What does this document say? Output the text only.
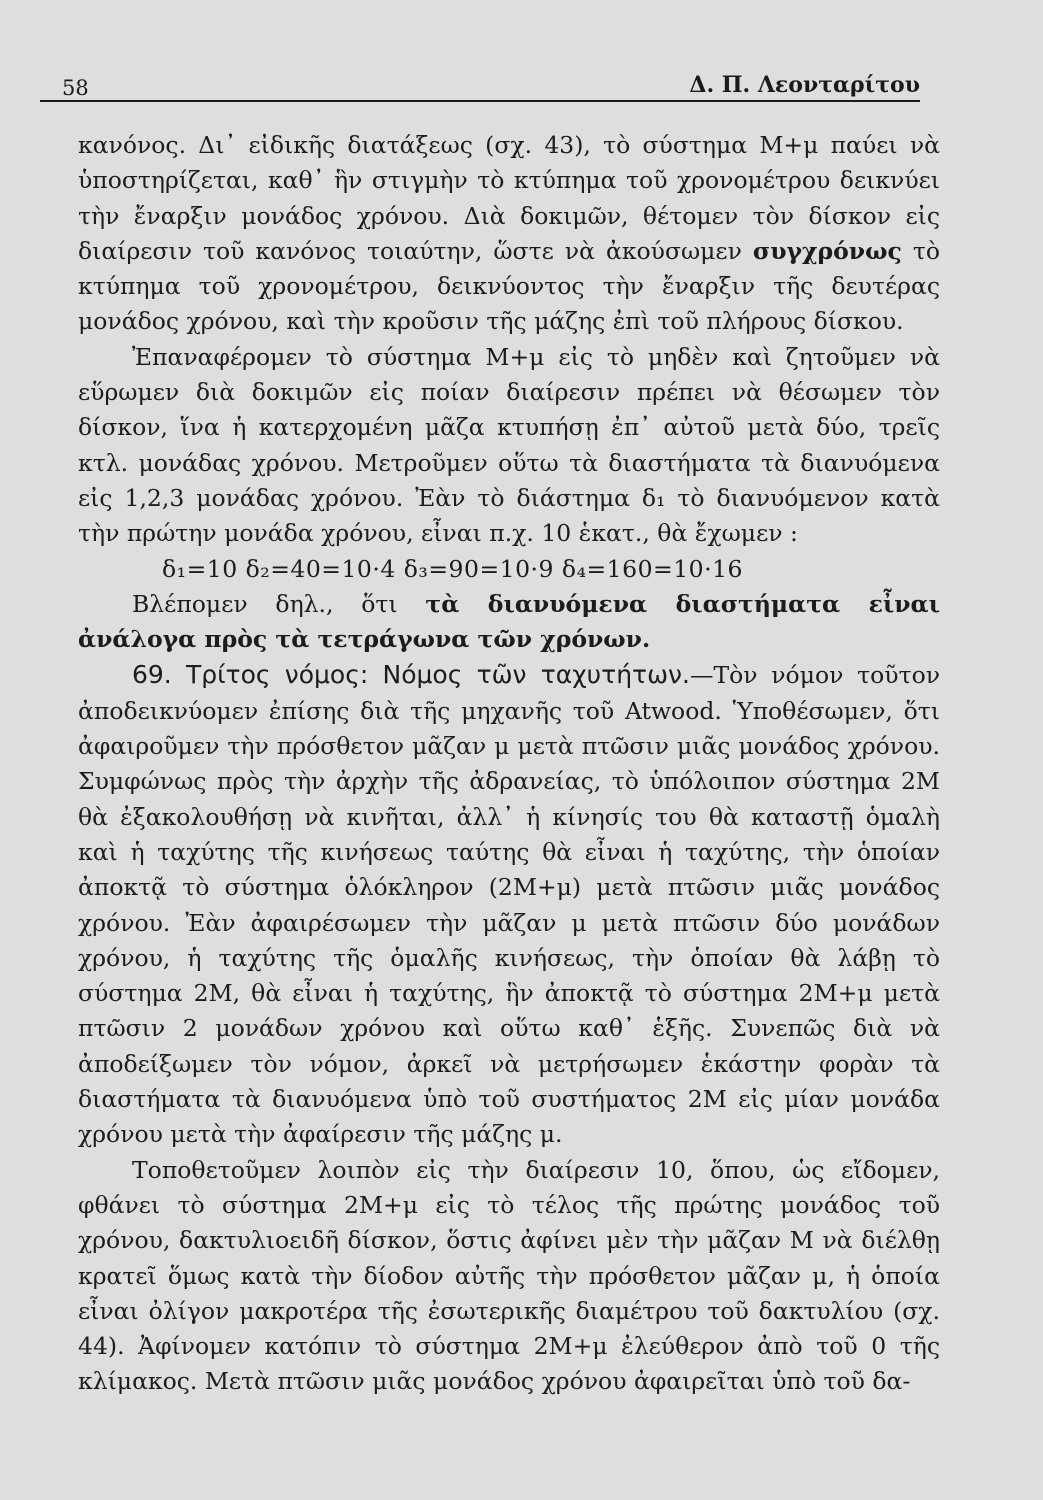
58	Δ. Π. Λεονταρίτου

κανόνος. Δι᾿ εἰδικῆς διατάξεως (σχ. 43), τὸ σύστημα Μ+μ παύει νὰ ὑποστηρίζεται, καθ᾿ ἣν στιγμὴν τὸ κτύπημα τοῦ χρονομέτρου δεικνύει τὴν ἔναρξιν μονάδος χρόνου. Διὰ δοκιμῶν, θέτομεν τὸν δίσκον εἰς διαίρεσιν τοῦ κανόνος τοιαύτην, ὥστε νὰ ἀκούσωμεν συγχρόνως τὸ κτύπημα τοῦ χρονομέτρου, δεικνύοντος τὴν ἔναρξιν τῆς δευτέρας μονάδος χρόνου, καὶ τὴν κροῦσιν τῆς μάζης ἐπὶ τοῦ πλήρους δίσκου.

Ἐπαναφέρομεν τὸ σύστημα Μ+μ εἰς τὸ μηδὲν καὶ ζητοῦμεν νὰ εὕρωμεν διὰ δοκιμῶν εἰς ποίαν διαίρεσιν πρέπει νὰ θέσωμεν τὸν δίσκον, ἵνα ἡ κατερχομένη μᾶζα κτυπήσῃ ἐπ᾿ αὐτοῦ μετὰ δύο, τρεῖς κτλ. μονάδας χρόνου. Μετροῦμεν οὕτω τὰ διαστήματα τὰ διανυόμενα εἰς 1,2,3 μονάδας χρόνου. Ἐὰν τὸ διάστημα δ₁ τὸ διανυόμενον κατὰ τὴν πρώτην μονάδα χρόνου, εἶναι π.χ. 10 ἑκατ., θὰ ἔχωμεν :

δ₁=10 δ₂=40=10·4 δ₃=90=10·9 δ₄=160=10·16

Βλέπομεν δηλ., ὅτι τὰ διανυόμενα διαστήματα εἶναι ἀνάλογα πρὸς τὰ τετράγωνα τῶν χρόνων.

69. Τρίτος νόμος: Νόμος τῶν ταχυτήτων.—Τὸν νόμον τοῦτον ἀποδεικνύομεν ἐπίσης διὰ τῆς μηχανῆς τοῦ Atwood. Ὑποθέσωμεν, ὅτι ἀφαιροῦμεν τὴν πρόσθετον μᾶζαν μ μετὰ πτῶσιν μιᾶς μονάδος χρόνου. Συμφώνως πρὸς τὴν ἀρχὴν τῆς ἀδρανείας, τὸ ὑπόλοιπον σύστημα 2Μ θὰ ἐξακολουθήσῃ νὰ κινῆται, ἀλλ᾿ ἡ κίνησίς του θὰ καταστῇ ὁμαλὴ καὶ ἡ ταχύτης τῆς κινήσεως ταύτης θὰ εἶναι ἡ ταχύτης, τὴν ὁποίαν ἀποκτᾷ τὸ σύστημα ὁλόκληρον (2Μ+μ) μετὰ πτῶσιν μιᾶς μονάδος χρόνου. Ἐὰν ἀφαιρέσωμεν τὴν μᾶζαν μ μετὰ πτῶσιν δύο μονάδων χρόνου, ἡ ταχύτης τῆς ὁμαλῆς κινήσεως, τὴν ὁποίαν θὰ λάβῃ τὸ σύστημα 2Μ, θὰ εἶναι ἡ ταχύτης, ἣν ἀποκτᾷ τὸ σύστημα 2Μ+μ μετὰ πτῶσιν 2 μονάδων χρόνου καὶ οὕτω καθ᾿ ἑξῆς. Συνεπῶς διὰ νὰ ἀποδείξωμεν τὸν νόμον, ἀρκεῖ νὰ μετρήσωμεν ἑκάστην φορὰν τὰ διαστήματα τὰ διανυόμενα ὑπὸ τοῦ συστήματος 2Μ εἰς μίαν μονάδα χρόνου μετὰ τὴν ἀφαίρεσιν τῆς μάζης μ.

Τοποθετοῦμεν λοιπὸν εἰς τὴν διαίρεσιν 10, ὅπου, ὡς εἴδομεν, φθάνει τὸ σύστημα 2Μ+μ εἰς τὸ τέλος τῆς πρώτης μονάδος τοῦ χρόνου, δακτυλιοειδῆ δίσκον, ὅστις ἀφίνει μὲν τὴν μᾶζαν Μ νὰ διέλθῃ κρατεῖ ὅμως κατὰ τὴν δίοδον αὐτῆς τὴν πρόσθετον μᾶζαν μ, ἡ ὁποία εἶναι ὀλίγον μακροτέρα τῆς ἐσωτερικῆς διαμέτρου τοῦ δακτυλίου (σχ. 44). Ἀφίνομεν κατόπιν τὸ σύστημα 2Μ+μ ἐλεύθερον ἀπὸ τοῦ 0 τῆς κλίμακος. Μετὰ πτῶσιν μιᾶς μονάδος χρόνου ἀφαιρεῖται ὑπὸ τοῦ δα-
